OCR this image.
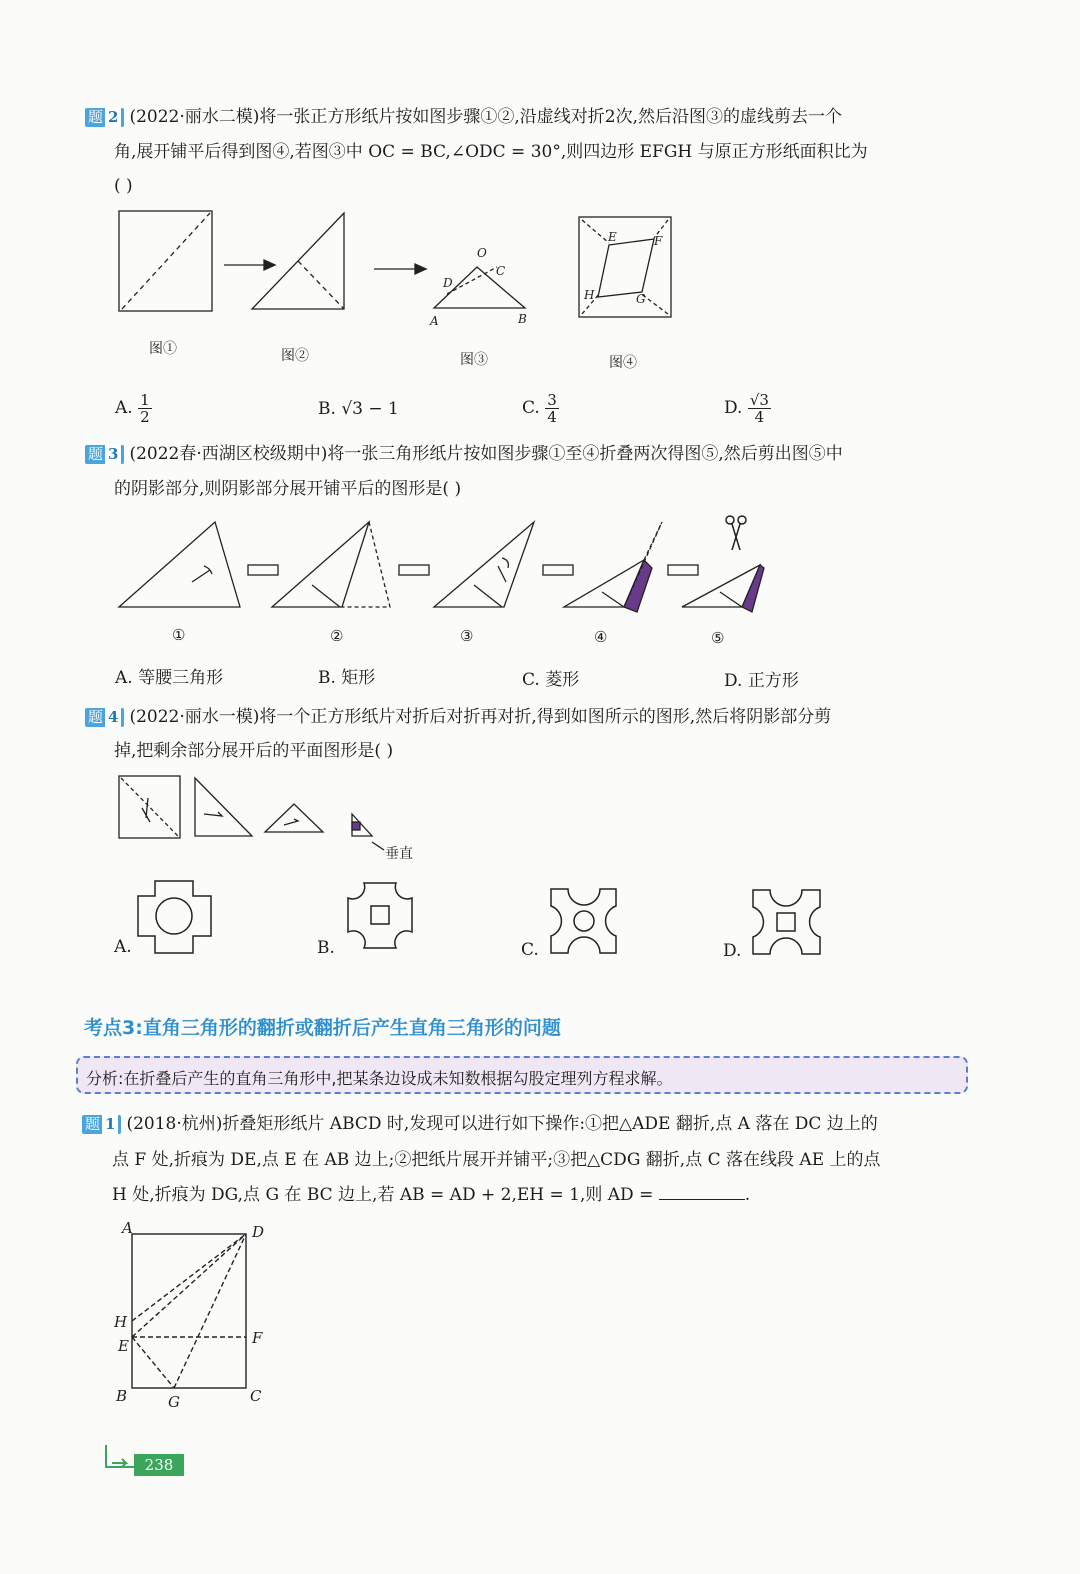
题 2 (2022·丽水二模)将一张正方形纸片按如图步骤①②,沿虚线对折2次,然后沿图③的虚线剪去一个
角,展开铺平后得到图④,若图③中 OC = BC,∠ODC = 30°,则四边形 EFGH 与原正方形纸面积比为
( )
O
D
C
A	B
E	F
H	G
图①	图②	图③	图④
A. $\frac{1}{2}$	B. √3 − 1	C. $\frac{3}{4}$	D. $\frac{√3}{4}$
题 3 (2022春·西湖区校级期中)将一张三角形纸片按如图步骤①至④折叠两次得图⑤,然后剪出图⑤中
的阴影部分,则阴影部分展开铺平后的图形是( )
①	②	③	④	⑤
A. 等腰三角形	B. 矩形	C. 菱形	D. 正方形
题 4 (2022·丽水一模)将一个正方形纸片对折后对折再对折,得到如图所示的图形,然后将阴影部分剪
掉,把剩余部分展开后的平面图形是( )
垂直
A.	B.	C.	D.
考点3:直角三角形的翻折或翻折后产生直角三角形的问题
分析:在折叠后产生的直角三角形中,把某条边设成未知数根据勾股定理列方程求解。
题 1 (2018·杭州)折叠矩形纸片 ABCD 时,发现可以进行如下操作:①把△ADE 翻折,点 A 落在 DC 边上的
点 F 处,折痕为 DE,点 E 在 AB 边上;②把纸片展开并铺平;③把△CDG 翻折,点 C 落在线段 AE 上的点
H 处,折痕为 DG,点 G 在 BC 边上,若 AB = AD + 2,EH = 1,则 AD =	.
A	D
H
E	F
B	G	C
238
